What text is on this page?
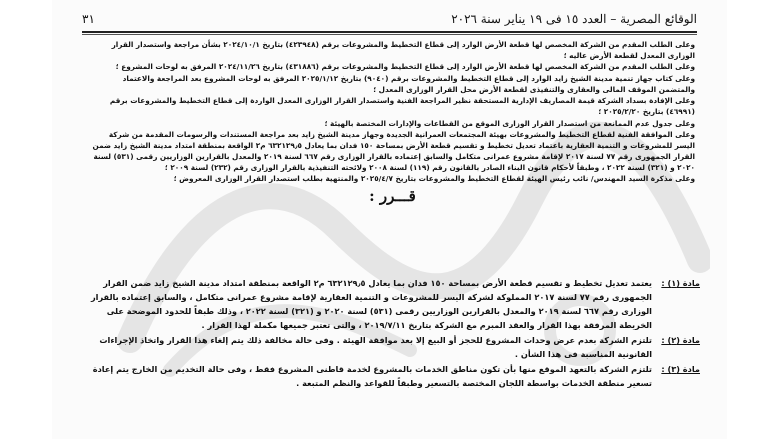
٣١	الوقائع المصرية – العدد ١٥ فى ١٩ يناير سنة ٢٠٢٦

وعلى الطلب المقدم من الشركة المخصص لها قطعة الأرض الوارد إلى قطاع التخطيط والمشروعات برقم (٤٢٣٩٤٨) بتاريخ ٢٠٢٤/١٠/١ بشأن مراجعة واستصدار القرار الوزارى المعدل لقطعة الأرض عاليه ؛

وعلى الطلب المقدم من الشركة المخصص لها قطعة الأرض الوارد إلى قطاع التخطيط والمشروعات برقم (٤٣١٨٨٦) بتاريخ ٢٠٢٤/١١/٢٦ المرفق به لوحات المشروع ؛

وعلى كتاب جهاز تنمية مدينة الشيخ زايد الوارد إلى قطاع التخطيط والمشروعات برقم (٩٠٤٠) بتاريخ ٢٠٢٥/١/١٢ المرفق به لوحات المشروع بعد المراجعة والاعتماد والمتضمن الموقف المالى والعقارى والتنفيذى لقطعة الأرض محل القرار الوزارى المعدل ؛

وعلى الإفادة بسداد الشركة قيمة المصاريف الإدارية المستحقة نظير المراجعة الفنية واستصدار القرار الوزارى المعدل الواردة إلى قطاع التخطيط والمشروعات برقم (٤٦٩٩١) بتاريخ ٢٠٢٥/٢/٢٠ ؛

وعلى جدول عدم الممانعة من استصدار القرار الوزارى الموقع من القطاعات والإدارات المختصة بالهيئة ؛

وعلى الموافقة الفنية لقطاع التخطيط والمشروعات بهيئة المجتمعات العمرانية الجديدة وجهاز مدينة الشيخ زايد بعد مراجعة المستندات والرسومات المقدمة من شركة اليسر للمشروعات و التنمية العقارية باعتماد تعديل تخطيط و تقسيم قطعة الأرض بمساحة ١٥٠ فدان بما يعادل ٦٣٢١٢٩٫٥ م٢ الواقعة بمنطقة امتداد مدينة الشيخ زايد ضمن القرار الجمهورى رقم ٧٧ لسنة ٢٠١٧ لإقامة مشروع عمرانى متكامل والسابق إعتماده بالقرار الوزارى رقم ٦٦٧ لسنة ٢٠١٩ والمعدل بالقرارين الوزاريين رقمى (٥٣١) لسنة ٢٠٢٠ و (٣٢١) لسنة ٢٠٢٢ ، وطبقاً لأحكام قانون البناء الصادر بالقانون رقم (١١٩) لسنة ٢٠٠٨ ولائحته التنفيذية بالقرار الوزارى رقم (٢٣٢) لسنة ٢٠٠٩ ؛

وعلى مذكرة السيد المهندس/ نائب رئيس الهيئة لقطاع التخطيط والمشروعات بتاريخ ٢٠٢٥/٤/٧ والمنتهية بطلب استصدار القرار الوزارى المعروض ؛

قـــرر :
مادة (١) :
يعتمد تعديل تخطيط و تقسيم قطعة الأرض بمساحة ١٥٠ فدان بما يعادل ٦٣٢١٢٩٫٥ م٢ الواقعة بمنطقة امتداد مدينة الشيخ زايد ضمن القرار الجمهورى رقم ٧٧ لسنة ٢٠١٧ المملوكة لشركة اليسر للمشروعات و التنمية العقارية لإقامة مشروع عمرانى متكامل ، والسابق إعتماده بالقرار الوزارى رقم ٦٦٧ لسنة ٢٠١٩ والمعدل بالقرارين الوزاريين رقمى (٥٣١) لسنة ٢٠٢٠ و (٣٢١) لسنة ٢٠٢٢ ، وذلك طبقاً للحدود الموضحة على الخريطة المرفقة بهذا القرار والعقد المبرم مع الشركة بتاريخ ٢٠١٩/٧/١١ ، والتى تعتبر جميعها مكملة لهذا القرار .
مادة (٢) :
تلتزم الشركة بعدم عرض وحدات المشروع للحجز أو البيع إلا بعد موافقة الهيئة . وفى حالة مخالفة ذلك يتم إلغاء هذا القرار واتخاذ الإجراءات القانونية المناسبة فى هذا الشأن .
مادة (٣) :
تلتزم الشركة بالتعهد الموقع منها بأن تكون مناطق الخدمات بالمشروع لخدمة قاطنى المشروع فقط ، وفى حالة التخديم من الخارج يتم إعادة تسعير منطقة الخدمات بواسطة اللجان المختصة بالتسعير وطبقاً للقواعد والنظم المتبعة .
